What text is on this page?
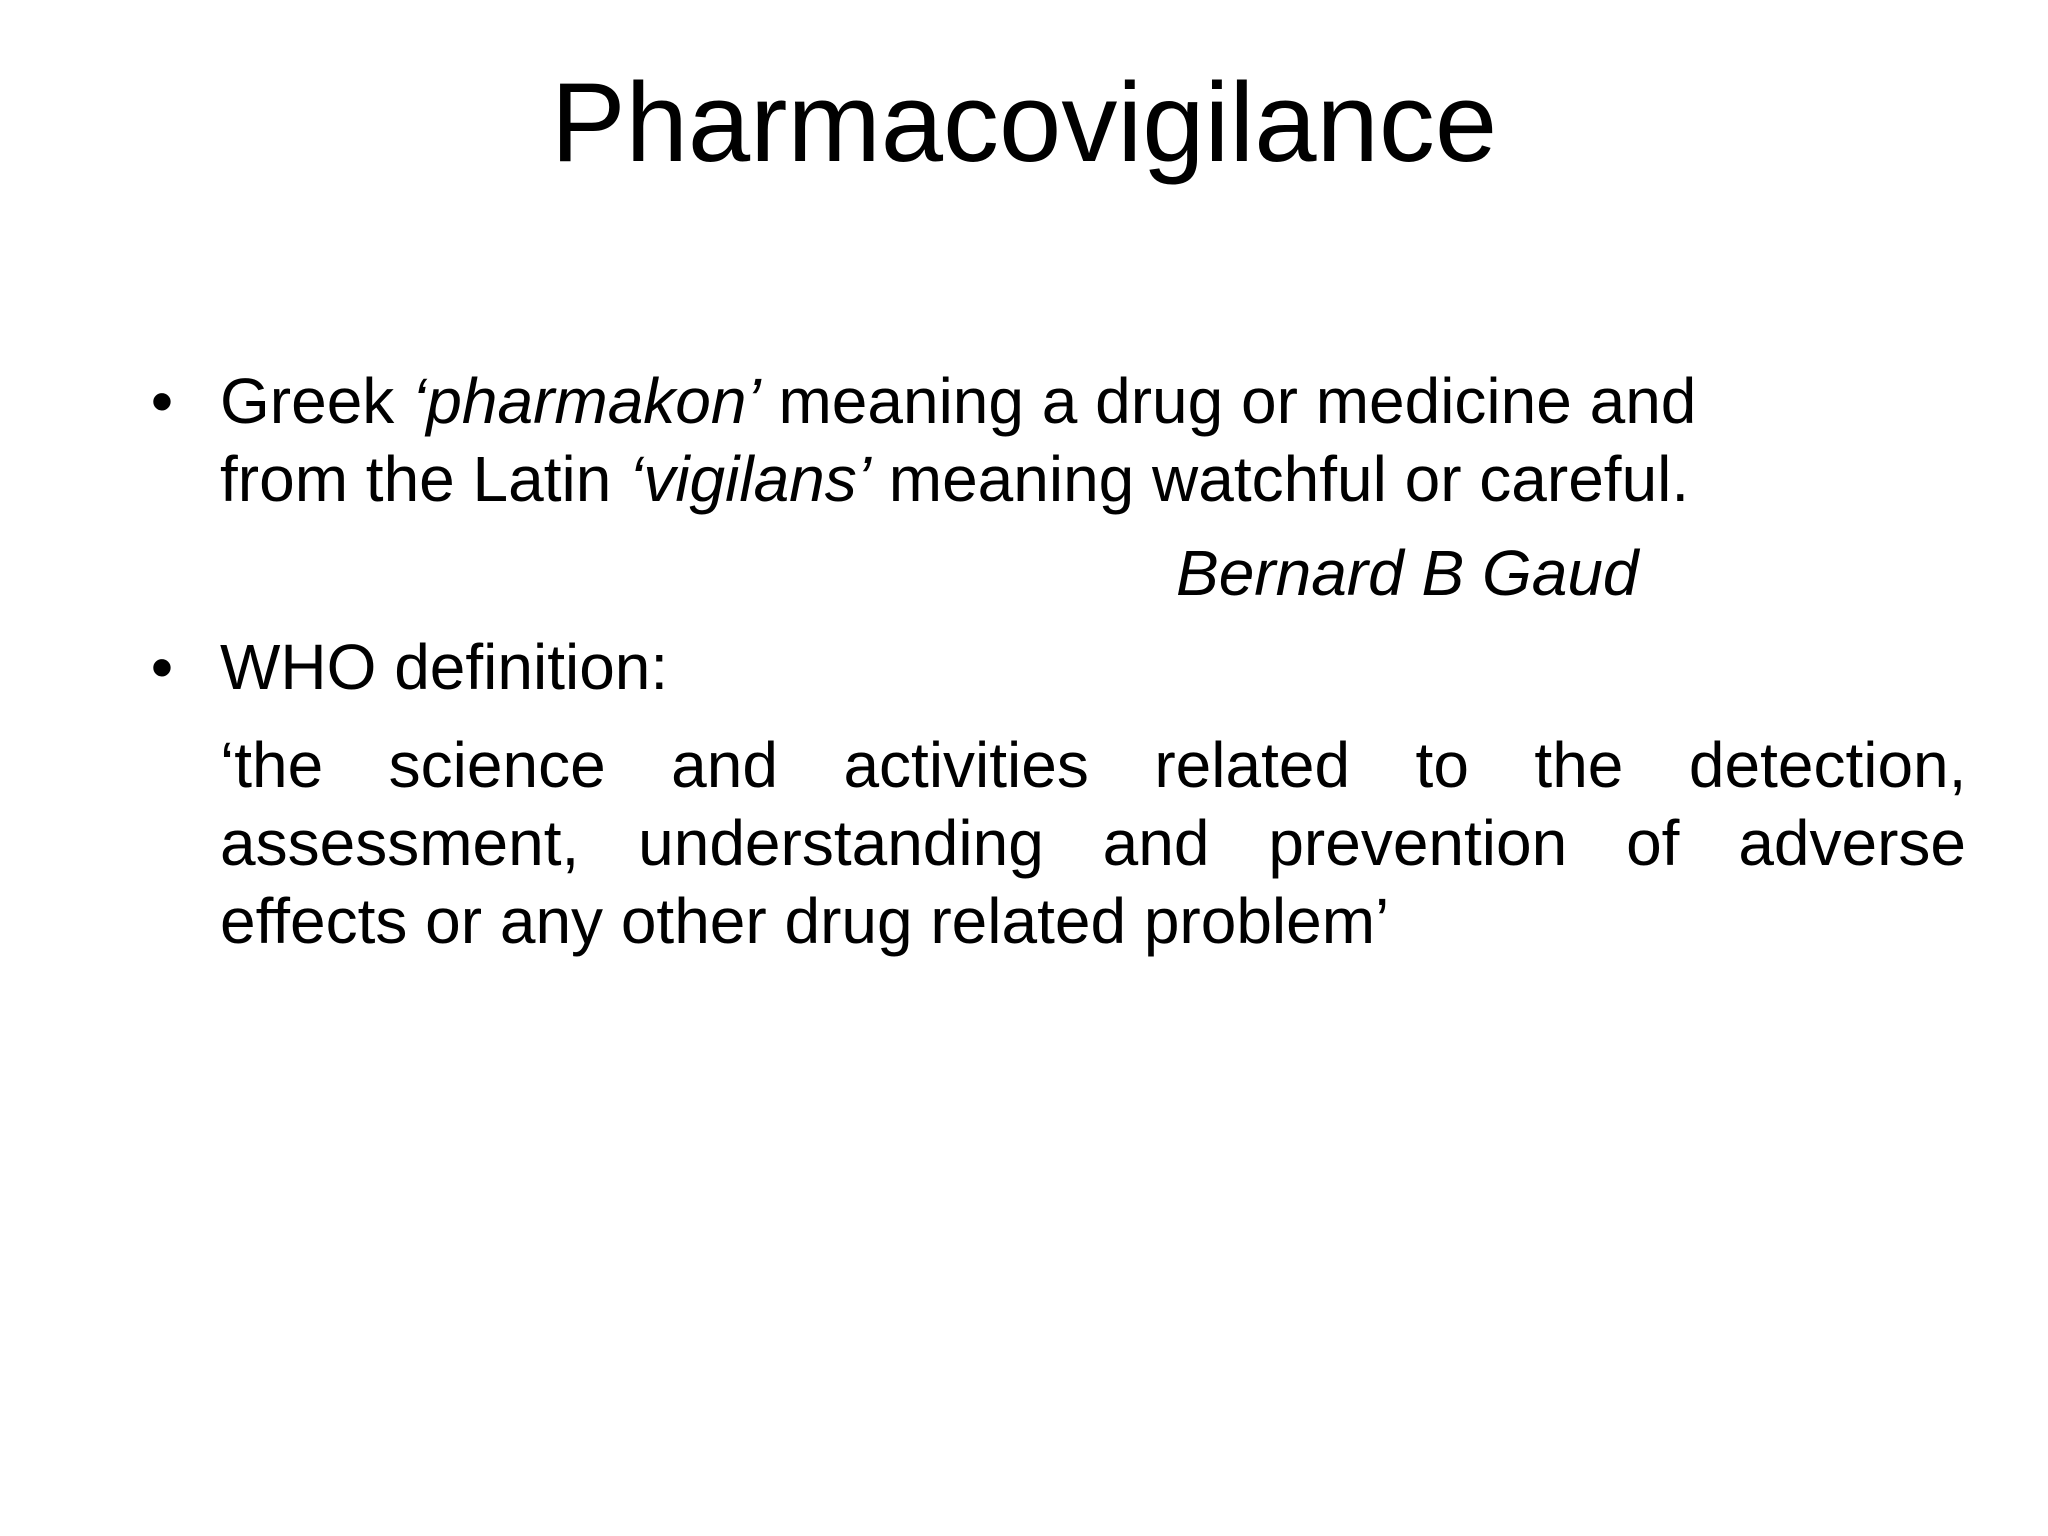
Pharmacovigilance
• Greek ‘pharmakon’ meaning a drug or medicine and
from the Latin ‘vigilans’ meaning watchful or careful.
Bernard B Gaud
• WHO definition:
‘the science and activities related to the detection,
assessment, understanding and prevention of adverse
effects or any other drug related problem’
